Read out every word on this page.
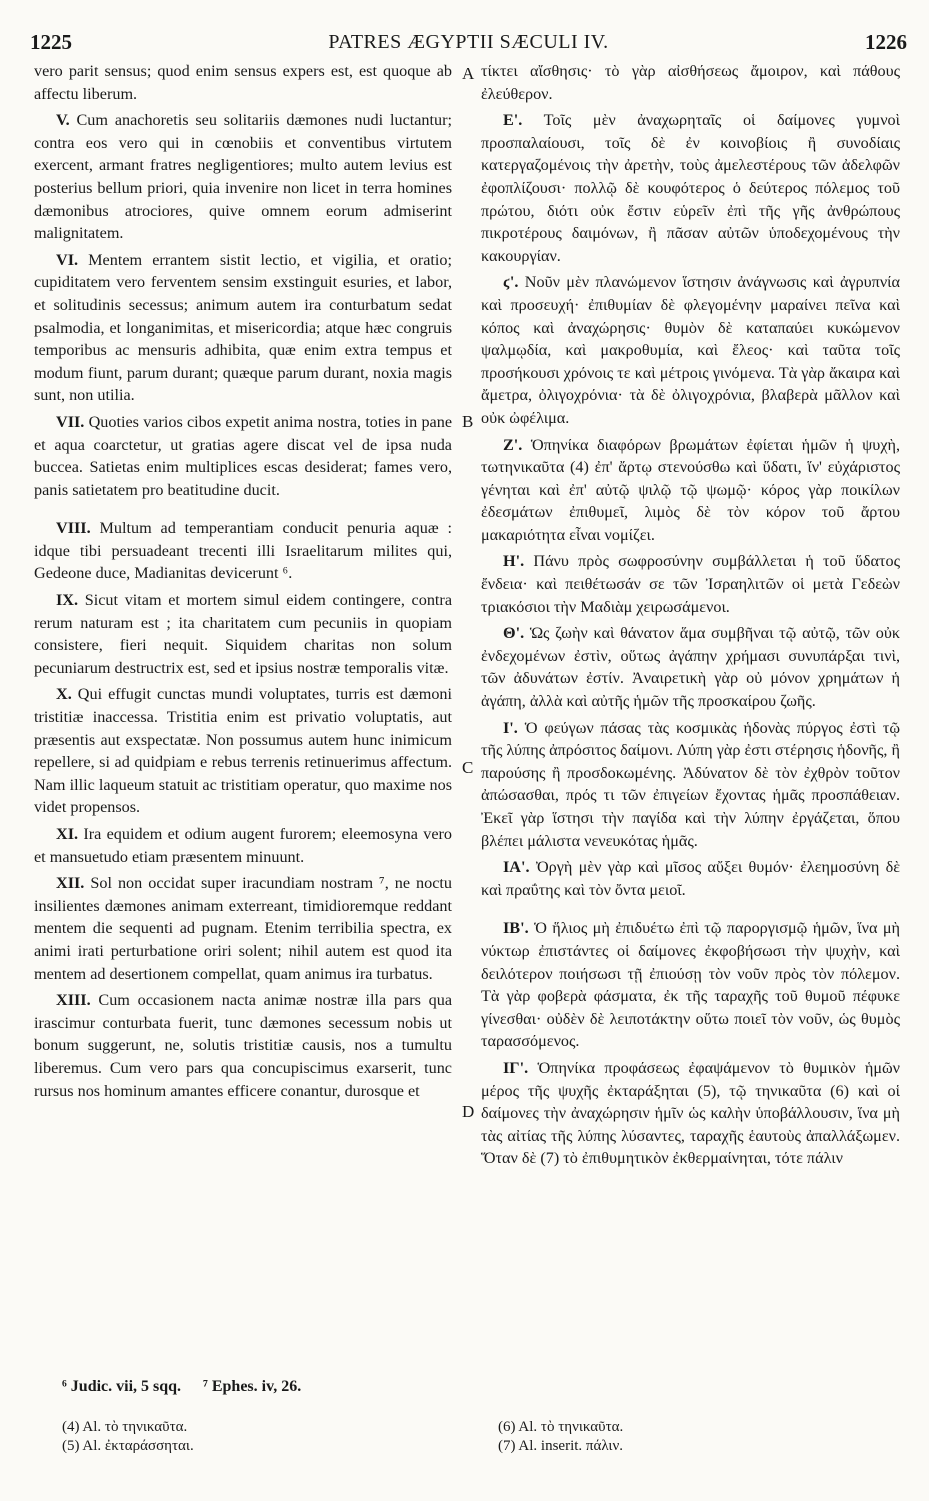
1225	PATRES ÆGYPTII SÆCULI IV.	1226

vero parit sensus; quod enim sensus expers est, est quoque ab affectu liberum.

V. Cum anachoretis seu solitariis dæmones nudi luctantur; contra eos vero qui in cœnobiis et conventibus virtutem exercent, armant fratres negligentiores; multo autem levius est posterius bellum priori, quia invenire non licet in terra homines dæmonibus atrociores, quive omnem eorum admiserint malignitatem.

VI. Mentem errantem sistit lectio, et vigilia, et oratio; cupiditatem vero ferventem sensim exstinguit esuries, et labor, et solitudinis secessus; animum autem ira conturbatum sedat psalmodia, et longanimitas, et misericordia; atque hæc congruis temporibus ac mensuris adhibita, quæ enim extra tempus et modum fiunt, parum durant; quæque parum durant, noxia magis sunt, non utilia.

VII. Quoties varios cibos expetit anima nostra, toties in pane et aqua coarctetur, ut gratias agere discat vel de ipsa nuda buccea. Satietas enim multiplices escas desiderat; fames vero, panis satietatem pro beatitudine ducit.

VIII. Multum ad temperantiam conducit penuria aquæ : idque tibi persuadeant trecenti illi Israelitarum milites qui, Gedeone duce, Madianitas devicerunt ⁶.

IX. Sicut vitam et mortem simul eidem contingere, contra rerum naturam est ; ita charitatem cum pecuniis in quopiam consistere, fieri nequit. Siquidem charitas non solum pecuniarum destructrix est, sed et ipsius nostræ temporalis vitæ.

X. Qui effugit cunctas mundi voluptates, turris est dæmoni tristitiæ inaccessa. Tristitia enim est privatio voluptatis, aut præsentis aut exspectatæ. Non possumus autem hunc inimicum repellere, si ad quidpiam e rebus terrenis retinuerimus affectum. Nam illic laqueum statuit ac tristitiam operatur, quo maxime nos videt propensos.

XI. Ira equidem et odium augent furorem; eleemosyna vero et mansuetudo etiam præsentem minuunt.

XII. Sol non occidat super iracundiam nostram ⁷, ne noctu insilientes dæmones animam exterreant, timidioremque reddant mentem die sequenti ad pugnam. Etenim terribilia spectra, ex animi irati perturbatione oriri solent; nihil autem est quod ita mentem ad desertionem compellat, quam animus ira turbatus.

XIII. Cum occasionem nacta animæ nostræ illa pars qua irascimur conturbata fuerit, tunc dæmones secessum nobis ut bonum suggerunt, ne, solutis tristitiæ causis, nos a tumultu liberemus. Cum vero pars qua concupiscimus exarserit, tunc rursus nos hominum amantes efficere conantur, durosque et

A
B
C
D

τίκτει αἴσθησις· τὸ γὰρ αἰσθήσεως ἄμοιρον, καὶ πάθους ἐλεύθερον.

Ε'. Τοῖς μὲν ἀναχωρηταῖς οἱ δαίμονες γυμνοὶ προσπαλαίουσι, τοῖς δὲ ἐν κοινοβίοις ἢ συνοδίαις κατεργαζομένοις τὴν ἀρετὴν, τοὺς ἀμελεστέρους τῶν ἀδελφῶν ἐφοπλίζουσι· πολλῷ δὲ κουφότερος ὁ δεύτερος πόλεμος τοῦ πρώτου, διότι οὐκ ἔστιν εὑρεῖν ἐπὶ τῆς γῆς ἀνθρώπους πικροτέρους δαιμόνων, ἢ πᾶσαν αὐτῶν ὑποδεχομένους τὴν κακουργίαν.

ϛ'. Νοῦν μὲν πλανώμενον ἵστησιν ἀνάγνωσις καὶ ἀγρυπνία καὶ προσευχή· ἐπιθυμίαν δὲ φλεγομένην μαραίνει πεῖνα καὶ κόπος καὶ ἀναχώρησις· θυμὸν δὲ καταπαύει κυκώμενον ψαλμῳδία, καὶ μακροθυμία, καὶ ἔλεος· καὶ ταῦτα τοῖς προσήκουσι χρόνοις τε καὶ μέτροις γινόμενα. Τὰ γὰρ ἄκαιρα καὶ ἄμετρα, ὀλιγοχρόνια· τὰ δὲ ὀλιγοχρόνια, βλαβερὰ μᾶλλον καὶ οὐκ ὠφέλιμα.

Ζ'. Ὁπηνίκα διαφόρων βρωμάτων ἐφίεται ἡμῶν ἡ ψυχὴ, τωτηνικαῦτα (4) ἐπ' ἄρτῳ στενούσθω καὶ ὕδατι, ἵν' εὐχάριστος γένηται καὶ ἐπ' αὐτῷ ψιλῷ τῷ ψωμῷ· κόρος γὰρ ποικίλων ἐδεσμάτων ἐπιθυμεῖ, λιμὸς δὲ τὸν κόρον τοῦ ἄρτου μακαριότητα εἶναι νομίζει.

Η'. Πάνυ πρὸς σωφροσύνην συμβάλλεται ἡ τοῦ ὕδατος ἔνδεια· καὶ πειθέτωσάν σε τῶν Ἰσραηλιτῶν οἱ μετὰ Γεδεὼν τριακόσιοι τὴν Μαδιὰμ χειρωσάμενοι.

Θ'. Ὡς ζωὴν καὶ θάνατον ἅμα συμβῆναι τῷ αὐτῷ, τῶν οὐκ ἐνδεχομένων ἐστὶν, οὕτως ἀγάπην χρήμασι συνυπάρξαι τινὶ, τῶν ἀδυνάτων ἐστίν. Ἀναιρετικὴ γὰρ οὐ μόνον χρημάτων ἡ ἀγάπη, ἀλλὰ καὶ αὐτῆς ἡμῶν τῆς προσκαίρου ζωῆς.

Ι'. Ὁ φεύγων πάσας τὰς κοσμικὰς ἡδονὰς πύργος ἐστὶ τῷ τῆς λύπης ἀπρόσιτος δαίμονι. Λύπη γὰρ ἐστι στέρησις ἡδονῆς, ἢ παρούσης ἢ προσδοκωμένης. Ἀδύνατον δὲ τὸν ἐχθρὸν τοῦτον ἀπώσασθαι, πρός τι τῶν ἐπιγείων ἔχοντας ἡμᾶς προσπάθειαν. Ἐκεῖ γὰρ ἵστησι τὴν παγίδα καὶ τὴν λύπην ἐργάζεται, ὅπου βλέπει μάλιστα νενευκότας ἡμᾶς.

ΙΑ'. Ὀργὴ μὲν γὰρ καὶ μῖσος αὔξει θυμόν· ἐλεημοσύνη δὲ καὶ πραΰτης καὶ τὸν ὄντα μειοῖ.

ΙΒ'. Ὁ ἥλιος μὴ ἐπιδυέτω ἐπὶ τῷ παροργισμῷ ἡμῶν, ἵνα μὴ νύκτωρ ἐπιστάντες οἱ δαίμονες ἐκφοβήσωσι τὴν ψυχὴν, καὶ δειλότερον ποιήσωσι τῇ ἐπιούσῃ τὸν νοῦν πρὸς τὸν πόλεμον. Τὰ γὰρ φοβερὰ φάσματα, ἐκ τῆς ταραχῆς τοῦ θυμοῦ πέφυκε γίνεσθαι· οὐδὲν δὲ λειποτάκτην οὕτω ποιεῖ τὸν νοῦν, ὡς θυμὸς ταρασσόμενος.

ΙΓ'. Ὁπηνίκα προφάσεως ἐφαψάμενον τὸ θυμικὸν ἡμῶν μέρος τῆς ψυχῆς ἐκταράξηται (5), τῷ τηνικαῦτα (6) καὶ οἱ δαίμονες τὴν ἀναχώρησιν ἡμῖν ὡς καλὴν ὑποβάλλουσιν, ἵνα μὴ τὰς αἰτίας τῆς λύπης λύσαντες, ταραχῆς ἑαυτοὺς ἀπαλλάξωμεν. Ὅταν δὲ (7) τὸ ἐπιθυμητικὸν ἐκθερμαίνηται, τότε πάλιν

⁶ Judic. vii, 5 sqq. ⁷ Ephes. iv, 26.
(4) Al. τὸ τηνικαῦτα.
(5) Al. ἐκταράσσηται.
(6) Al. τὸ τηνικαῦτα.
(7) Al. inserit. πάλιν.
